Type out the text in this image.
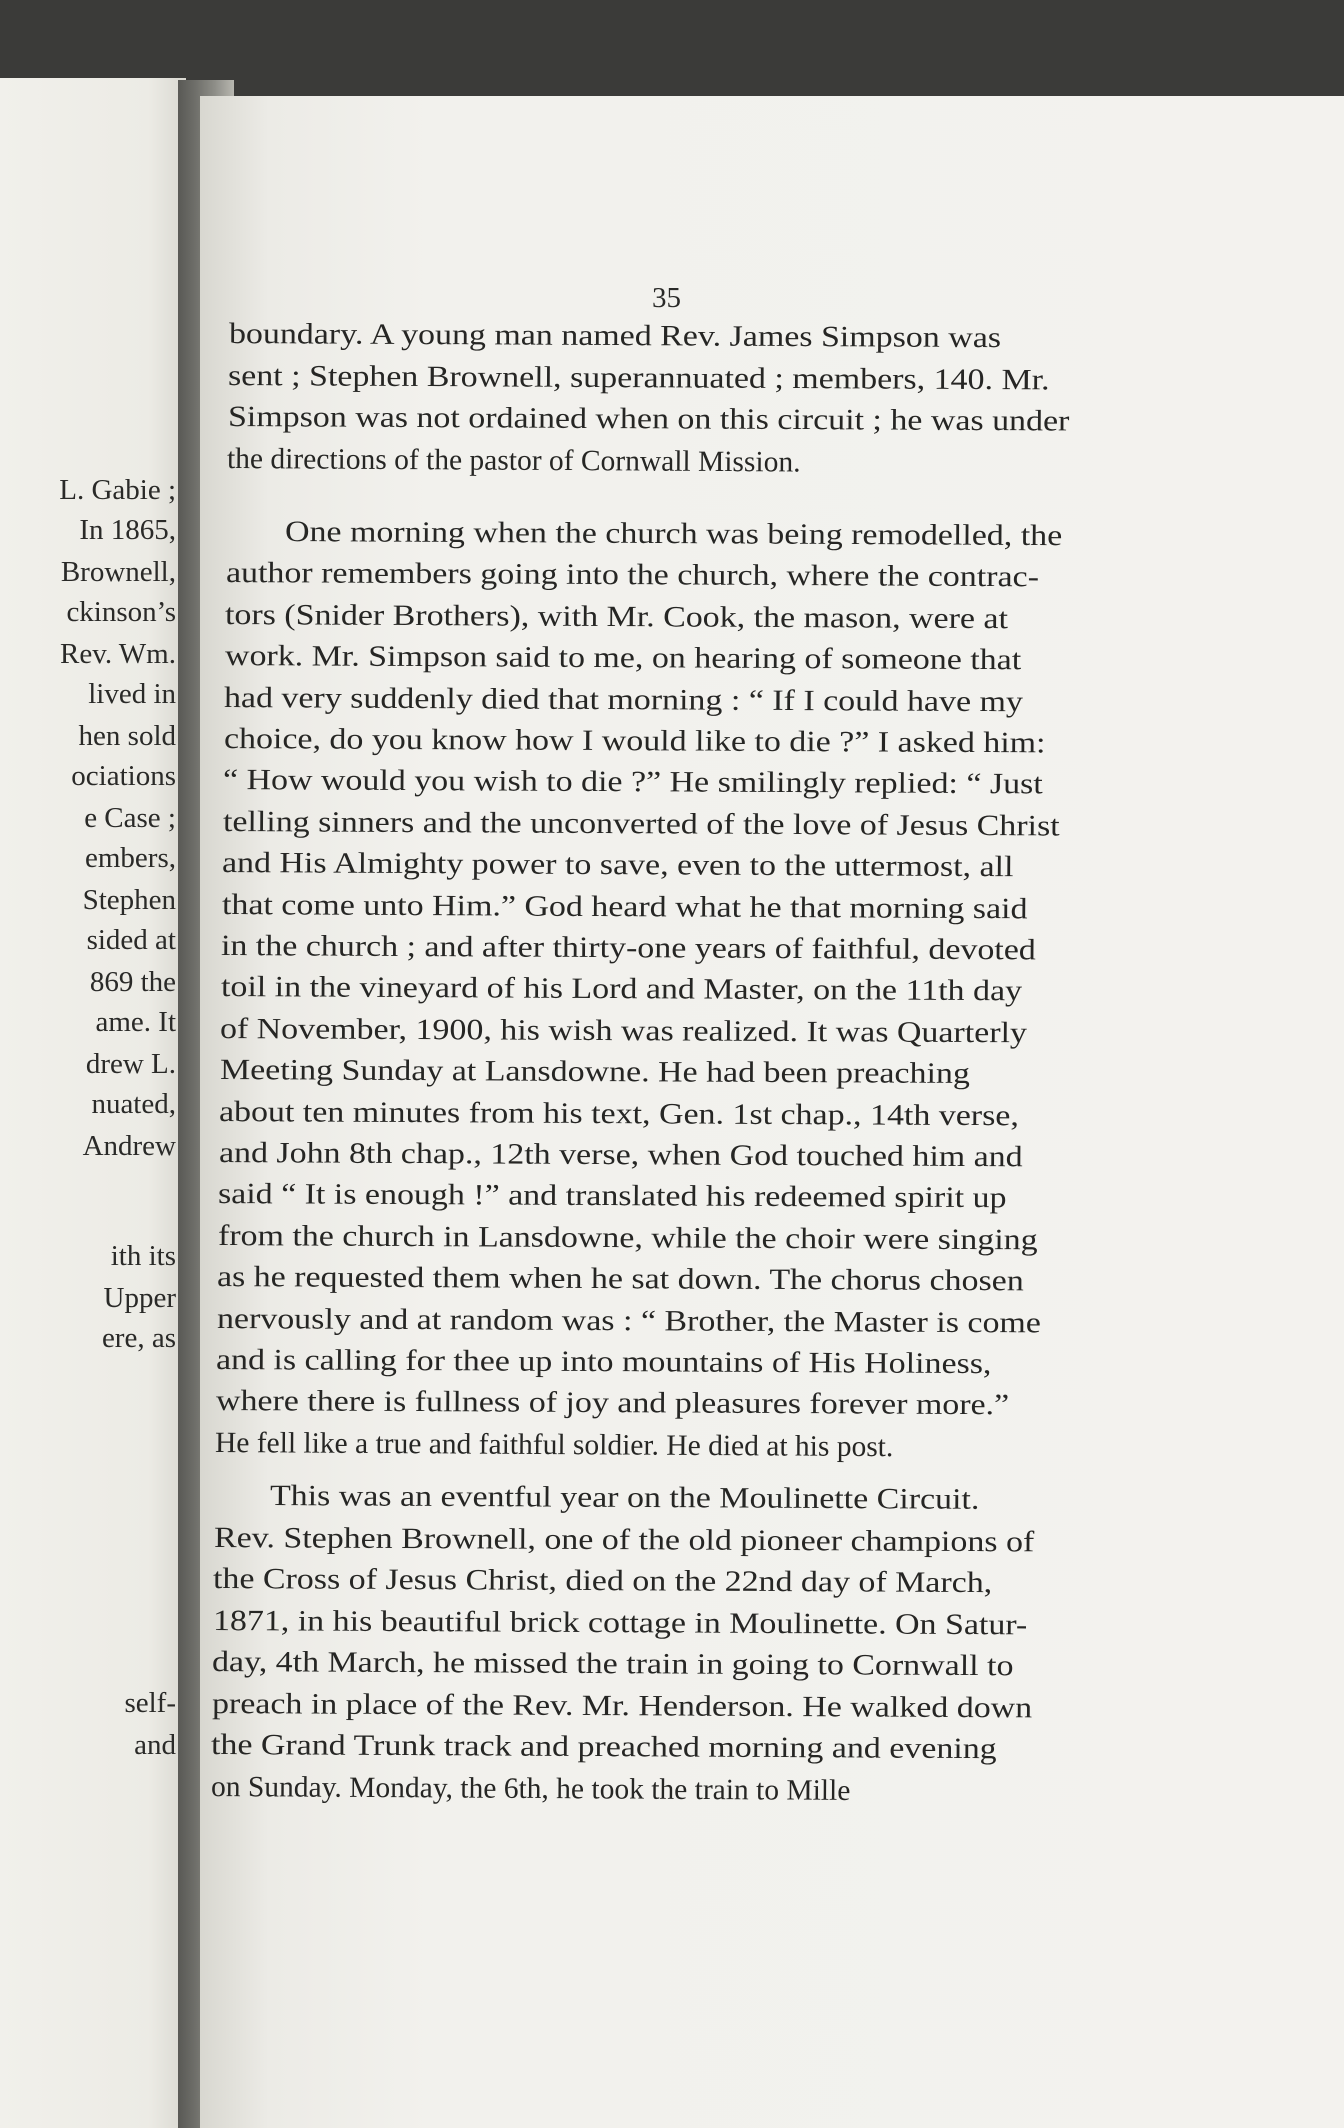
L. Gabie ;
In 1865,
Brownell,
ckinson’s
Rev. Wm.
lived in
hen sold
ociations
e Case ;
embers,
Stephen
sided at
869 the
ame. It
drew L.
nuated,
Andrew
ith its
Upper
ere, as
self-
and
35
boundary. A young man named Rev. James Simpson was
sent ; Stephen Brownell, superannuated ; members, 140. Mr.
Simpson was not ordained when on this circuit ; he was under
the directions of the pastor of Cornwall Mission.
One morning when the church was being remodelled, the
author remembers going into the church, where the contrac-
tors (Snider Brothers), with Mr. Cook, the mason, were at
work. Mr. Simpson said to me, on hearing of someone that
had very suddenly died that morning : “ If I could have my
choice, do you know how I would like to die ?” I asked him:
“ How would you wish to die ?” He smilingly replied: “ Just
telling sinners and the unconverted of the love of Jesus Christ
and His Almighty power to save, even to the uttermost, all
that come unto Him.” God heard what he that morning said
in the church ; and after thirty-one years of faithful, devoted
toil in the vineyard of his Lord and Master, on the 11th day
of November, 1900, his wish was realized. It was Quarterly
Meeting Sunday at Lansdowne. He had been preaching
about ten minutes from his text, Gen. 1st chap., 14th verse,
and John 8th chap., 12th verse, when God touched him and
said “ It is enough !” and translated his redeemed spirit up
from the church in Lansdowne, while the choir were singing
as he requested them when he sat down. The chorus chosen
nervously and at random was : “ Brother, the Master is come
and is calling for thee up into mountains of His Holiness,
where there is fullness of joy and pleasures forever more.”
He fell like a true and faithful soldier. He died at his post.
This was an eventful year on the Moulinette Circuit.
Rev. Stephen Brownell, one of the old pioneer champions of
the Cross of Jesus Christ, died on the 22nd day of March,
1871, in his beautiful brick cottage in Moulinette. On Satur-
day, 4th March, he missed the train in going to Cornwall to
preach in place of the Rev. Mr. Henderson. He walked down
the Grand Trunk track and preached morning and evening
on Sunday. Monday, the 6th, he took the train to Mille
